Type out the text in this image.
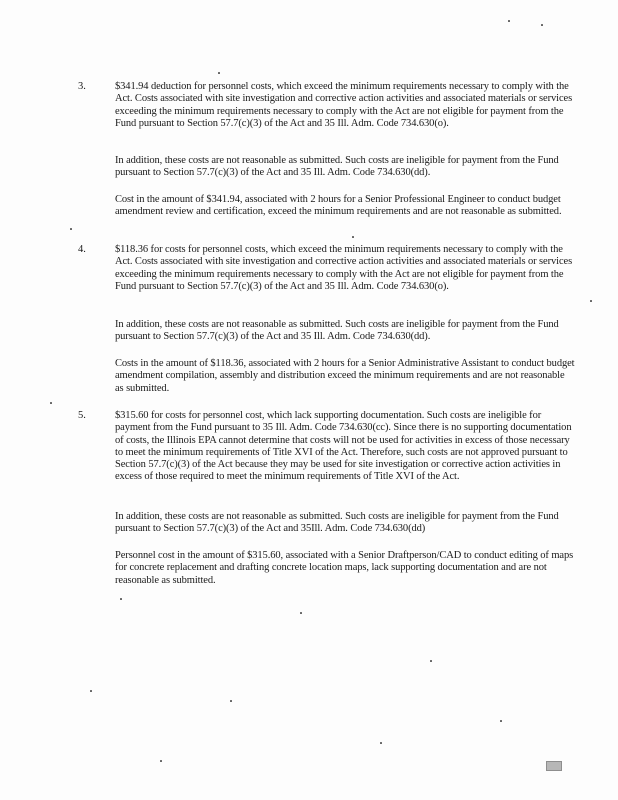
3.	$341.94 deduction for personnel costs, which exceed the minimum requirements necessary to comply with the Act. Costs associated with site investigation and corrective action activities and associated materials or services exceeding the minimum requirements necessary to comply with the Act are not eligible for payment from the Fund pursuant to Section 57.7(c)(3) of the Act and 35 Ill. Adm. Code 734.630(o).

In addition, these costs are not reasonable as submitted. Such costs are ineligible for payment from the Fund pursuant to Section 57.7(c)(3) of the Act and 35 Ill. Adm. Code 734.630(dd).

Cost in the amount of $341.94, associated with 2 hours for a Senior Professional Engineer to conduct budget amendment review and certification, exceed the minimum requirements and are not reasonable as submitted.

4.	$118.36 for costs for personnel costs, which exceed the minimum requirements necessary to comply with the Act. Costs associated with site investigation and corrective action activities and associated materials or services exceeding the minimum requirements necessary to comply with the Act are not eligible for payment from the Fund pursuant to Section 57.7(c)(3) of the Act and 35 Ill. Adm. Code 734.630(o).

In addition, these costs are not reasonable as submitted. Such costs are ineligible for payment from the Fund pursuant to Section 57.7(c)(3) of the Act and 35 Ill. Adm. Code 734.630(dd).

Costs in the amount of $118.36, associated with 2 hours for a Senior Administrative Assistant to conduct budget amendment compilation, assembly and distribution exceed the minimum requirements and are not reasonable as submitted.

5.	$315.60 for costs for personnel cost, which lack supporting documentation. Such costs are ineligible for payment from the Fund pursuant to 35 Ill. Adm. Code 734.630(cc). Since there is no supporting documentation of costs, the Illinois EPA cannot determine that costs will not be used for activities in excess of those necessary to meet the minimum requirements of Title XVI of the Act. Therefore, such costs are not approved pursuant to Section 57.7(c)(3) of the Act because they may be used for site investigation or corrective action activities in excess of those required to meet the minimum requirements of Title XVI of the Act.

In addition, these costs are not reasonable as submitted. Such costs are ineligible for payment from the Fund pursuant to Section 57.7(c)(3) of the Act and 35Ill. Adm. Code 734.630(dd)

Personnel cost in the amount of $315.60, associated with a Senior Draftperson/CAD to conduct editing of maps for concrete replacement and drafting concrete location maps, lack supporting documentation and are not reasonable as submitted.
